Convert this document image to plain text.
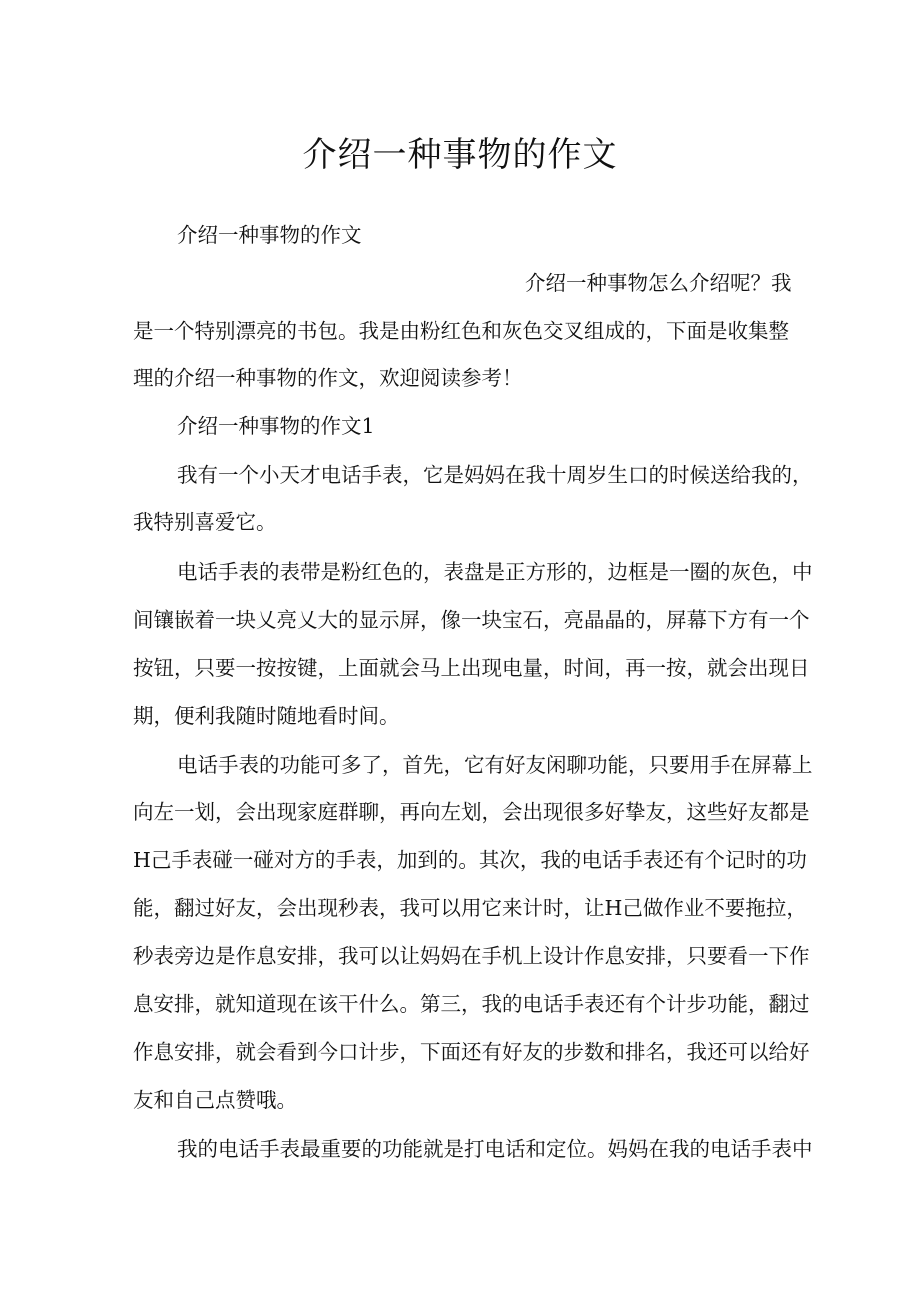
介绍一种事物的作文

介绍一种事物的作文

介绍一种事物怎么介绍呢？我

是一个特别漂亮的书包。我是由粉红色和灰色交叉组成的，下面是收集整

理的介绍一种事物的作文，欢迎阅读参考！

介绍一种事物的作文1

我有一个小天才电话手表，它是妈妈在我十周岁生口的时候送给我的，

我特别喜爱它。

电话手表的表带是粉红色的，表盘是正方形的，边框是一圈的灰色，中

间镶嵌着一块乂亮乂大的显示屏，像一块宝石，亮晶晶的，屏幕下方有一个

按钮，只要一按按键，上面就会马上出现电量，时间，再一按，就会出现日

期，便利我随时随地看时间。

电话手表的功能可多了，首先，它有好友闲聊功能，只要用手在屏幕上

向左一划，会出现家庭群聊，再向左划，会出现很多好挚友，这些好友都是

H己手表碰一碰对方的手表，加到的。其次，我的电话手表还有个记时的功

能，翻过好友，会出现秒表，我可以用它来计时，让H己做作业不要拖拉，

秒表旁边是作息安排，我可以让妈妈在手机上设计作息安排，只要看一下作

息安排，就知道现在该干什么。第三，我的电话手表还有个计步功能，翻过

作息安排，就会看到今口计步，下面还有好友的步数和排名，我还可以给好

友和自己点赞哦。

我的电话手表最重要的功能就是打电话和定位。妈妈在我的电话手表中
